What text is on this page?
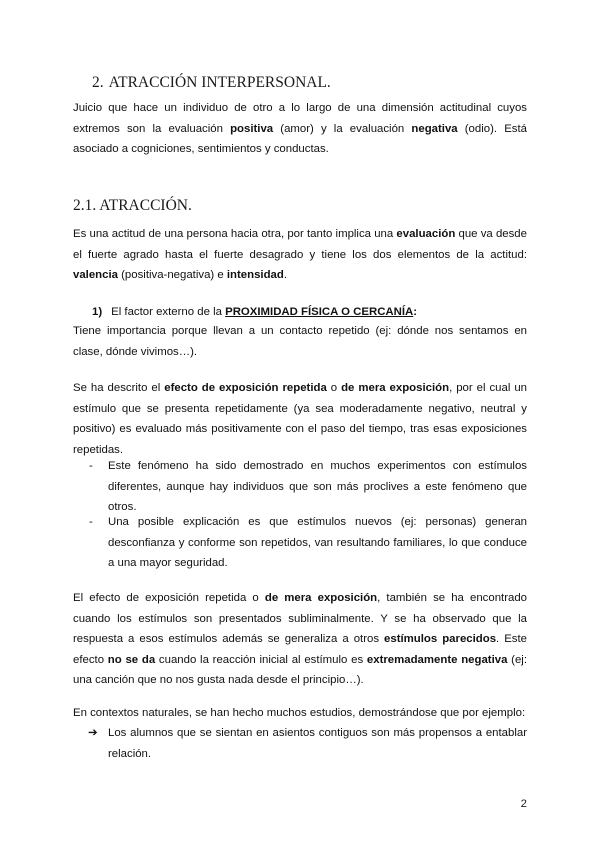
2. ATRACCIÓN INTERPERSONAL.

Juicio que hace un individuo de otro a lo largo de una dimensión actitudinal cuyos extremos son la evaluación positiva (amor) y la evaluación negativa (odio). Está asociado a cogniciones, sentimientos y conductas.

2.1. ATRACCIÓN.

Es una actitud de una persona hacia otra, por tanto implica una evaluación que va desde el fuerte agrado hasta el fuerte desagrado y tiene los dos elementos de la actitud: valencia (positiva-negativa) e intensidad.

1) El factor externo de la PROXIMIDAD FÍSICA O CERCANÍA:

Tiene importancia porque llevan a un contacto repetido (ej: dónde nos sentamos en clase, dónde vivimos…).

Se ha descrito el efecto de exposición repetida o de mera exposición, por el cual un estímulo que se presenta repetidamente (ya sea moderadamente negativo, neutral y positivo) es evaluado más positivamente con el paso del tiempo, tras esas exposiciones repetidas.

-	Este fenómeno ha sido demostrado en muchos experimentos con estímulos diferentes, aunque hay individuos que son más proclives a este fenómeno que otros.

-	Una posible explicación es que estímulos nuevos (ej: personas) generan desconfianza y conforme son repetidos, van resultando familiares, lo que conduce a una mayor seguridad.

El efecto de exposición repetida o de mera exposición, también se ha encontrado cuando los estímulos son presentados subliminalmente. Y se ha observado que la respuesta a esos estímulos además se generaliza a otros estímulos parecidos. Este efecto no se da cuando la reacción inicial al estímulo es extremadamente negativa (ej: una canción que no nos gusta nada desde el principio…).

En contextos naturales, se han hecho muchos estudios, demostrándose que por ejemplo:

➔ Los alumnos que se sientan en asientos contiguos son más propensos a entablar relación.

2
